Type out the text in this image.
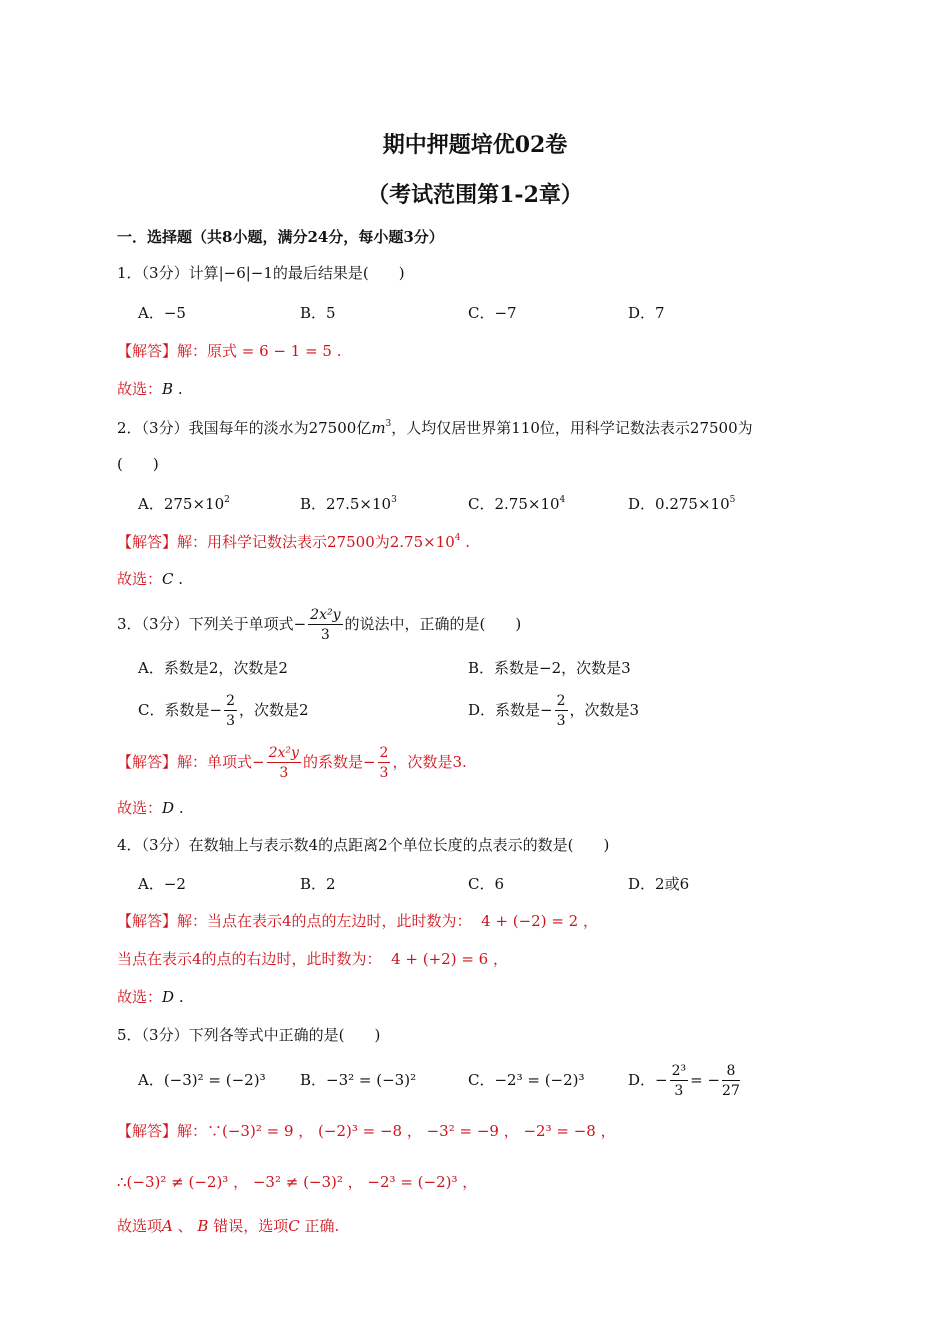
期中押题培优02卷
（考试范围第1-2章）
一．选择题（共8小题，满分24分，每小题3分）
1．（3分）计算|−6|−1的最后结果是(　　)
A．−5	B．5	C．−7	D．7
【解答】解：原式 = 6 − 1 = 5 .
故选：B .
2．（3分）我国每年的淡水为27500亿$m^3$，人均仅居世界第110位，用科学记数法表示27500为
(　　)
A．$275\times 10^2$	B．$27.5\times 10^3$	C．$2.75\times 10^4$	D．$0.275\times 10^5$
【解答】解：用科学记数法表示27500为$2.75\times 10^4$ .
故选：C .
3．（3分）下列关于单项式− $\frac{\text{2x²y}}{3}$ 的说法中，正确的是(　　)
A．系数是2，次数是2	B．系数是−2，次数是3
C．系数是− $\frac{2}{3}$ ，次数是2	D．系数是− $\frac{2}{3}$ ，次数是3
【解答】解：单项式− $\frac{\text{2x²y}}{3}$ 的系数是− $\frac{2}{3}$ ，次数是3.
故选：D .
4．（3分）在数轴上与表示数4的点距离2个单位长度的点表示的数是(　　)
A．−2	B．2	C．6	D．2或6
【解答】解：当点在表示4的点的左边时，此时数为： 4 + (−2) = 2 ，
当点在表示4的点的右边时，此时数为： 4 + (+2) = 6 ，
故选：D .
5．（3分）下列各等式中正确的是(　　)
A．(−3)² = (−2)³ B．−3² = (−3)²	C．−2³ = (−2)³	D．− $\frac{\text{2³}}{3}$ = − $\frac{8}{27}$
【解答】解：∵(−3)² = 9 ， (−2)³ = −8 ， −3² = −9 ， −2³ = −8 ，
∴(−3)² ≠ (−2)³ ， −3² ≠ (−3)² ， −2³ = (−2)³ ，
故选项A 、 B 错误，选项C 正确.
